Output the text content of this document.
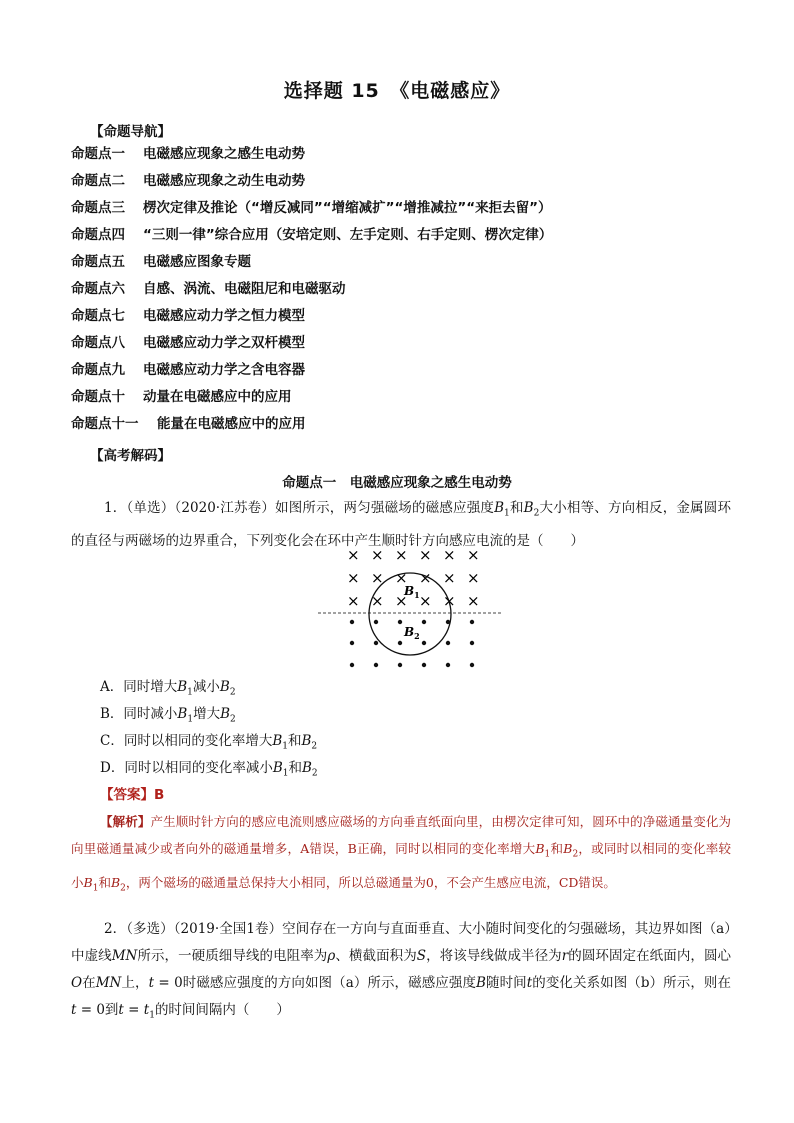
选择题 15　《电磁感应》
【命题导航】
命题点一 电磁感应现象之感生电动势
命题点二 电磁感应现象之动生电动势
命题点三 楞次定律及推论（“增反减同”“增缩减扩”“增推减拉”“来拒去留”）
命题点四 “三则一律”综合应用（安培定则、左手定则、右手定则、楞次定律）
命题点五 电磁感应图象专题
命题点六 自感、涡流、电磁阻尼和电磁驱动
命题点七 电磁感应动力学之恒力模型
命题点八 电磁感应动力学之双杆模型
命题点九 电磁感应动力学之含电容器
命题点十 动量在电磁感应中的应用
命题点十一 能量在电磁感应中的应用
【高考解码】
命题点一　电磁感应现象之感生电动势
1．（单选）（2020·江苏卷）如图所示，两匀强磁场的磁感应强度$B_1$和$B_2$大小相等、方向相反，金属圆环的直径与两磁场的边界重合，下列变化会在环中产生顺时针方向感应电流的是（　　）
× × × × × ×
× × × × × ×
× × × × × ×
$B_1$
$B_2$
A．同时增大$B_1$减小$B_2$
B．同时减小$B_1$增大$B_2$
C．同时以相同的变化率增大$B_1$和$B_2$
D．同时以相同的变化率减小$B_1$和$B_2$
【答案】B
【解析】产生顺时针方向的感应电流则感应磁场的方向垂直纸面向里，由楞次定律可知，圆环中的净磁通量变化为向里磁通量减少或者向外的磁通量增多，A错误，B正确，同时以相同的变化率增大$B_1$和$B_2$，或同时以相同的变化率较小$B_1$和$B_2$，两个磁场的磁通量总保持大小相同，所以总磁通量为0，不会产生感应电流，CD错误。
2．（多选）（2019·全国1卷）空间存在一方向与直面垂直、大小随时间变化的匀强磁场，其边界如图（a）中虚线MN所示，一硬质细导线的电阻率为ρ、横截面积为S，将该导线做成半径为r的圆环固定在纸面内，圆心O在MN上，t = 0时磁感应强度的方向如图（a）所示，磁感应强度B随时间t的变化关系如图（b）所示，则在t = 0到$t = t_1$的时间间隔内（　　）
